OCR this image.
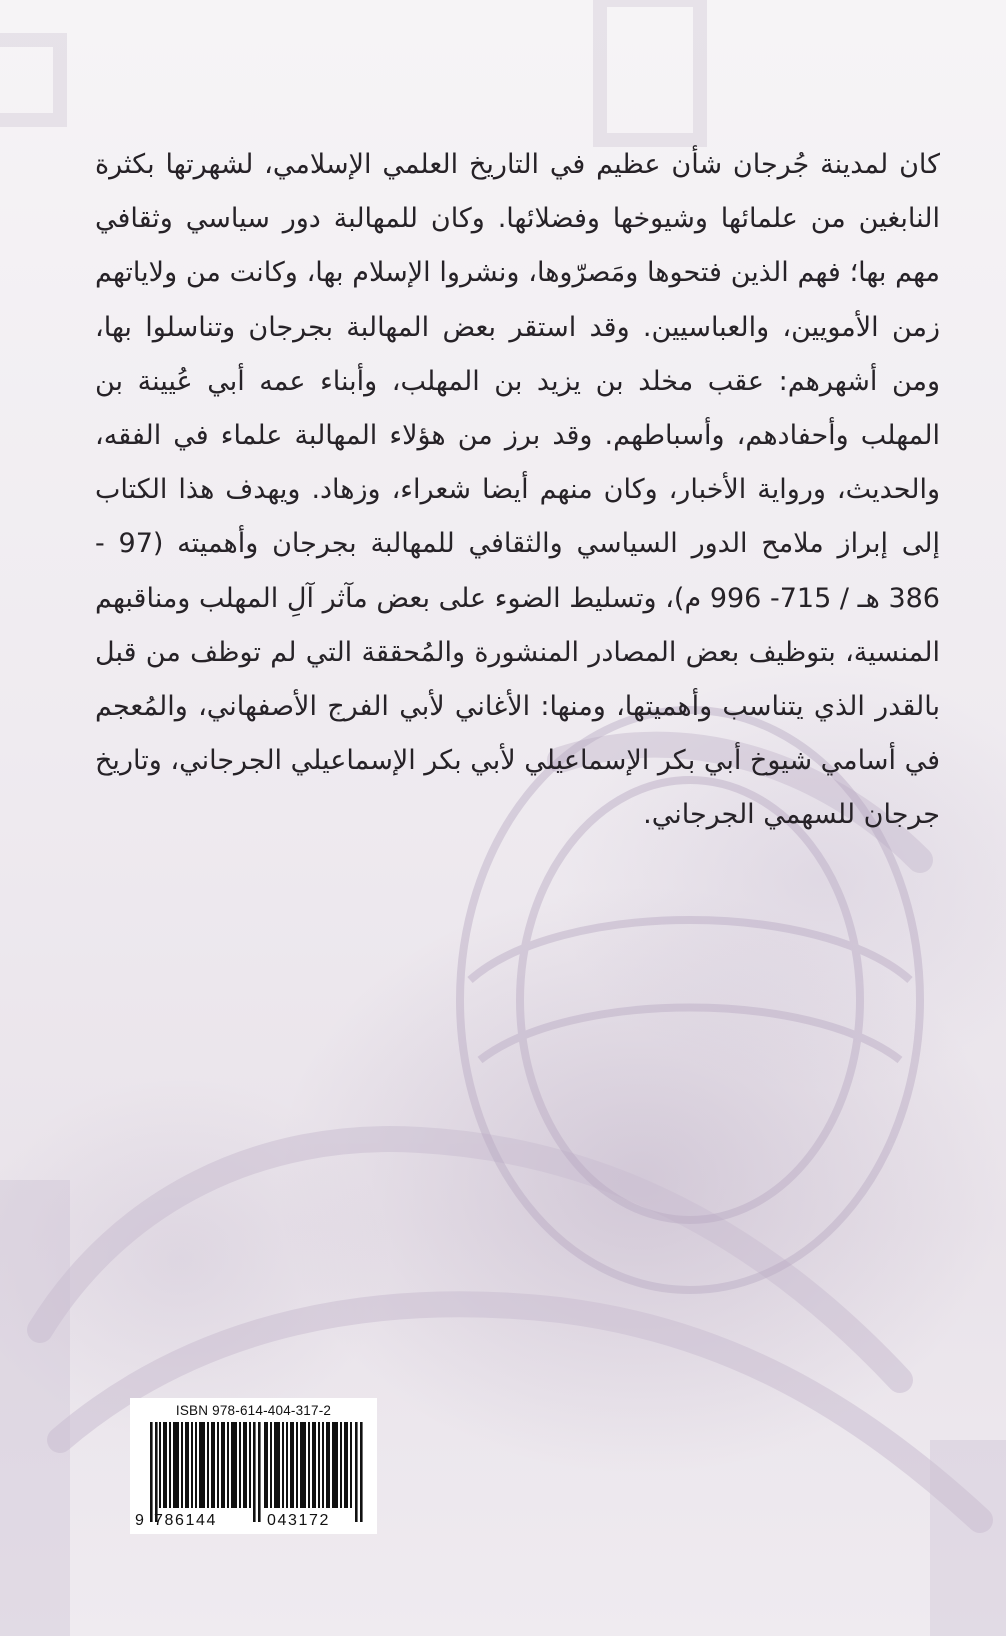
كان لمدينة جُرجان شأن عظيم في التاريخ العلمي الإسلامي، لشهرتها بكثرة النابغين من علمائها وشيوخها وفضلائها. وكان للمهالبة دور سياسي وثقافي مهم بها؛ فهم الذين فتحوها ومَصرّوها، ونشروا الإسلام بها، وكانت من ولاياتهم زمن الأمويين، والعباسيين. وقد استقر بعض المهالبة بجرجان وتناسلوا بها، ومن أشهرهم: عقب مخلد بن يزيد بن المهلب، وأبناء عمه أبي عُيينة بن المهلب وأحفادهم، وأسباطهم. وقد برز من هؤلاء المهالبة علماء في الفقه، والحديث، ورواية الأخبار، وكان منهم أيضا شعراء، وزهاد. ويهدف هذا الكتاب إلى إبراز ملامح الدور السياسي والثقافي للمهالبة بجرجان وأهميته (97 - 386 هـ / 715- 996 م)، وتسليط الضوء على بعض مآثر آلِ المهلب ومناقبهم المنسية، بتوظيف بعض المصادر المنشورة والمُحققة التي لم توظف من قبل بالقدر الذي يتناسب وأهميتها، ومنها: الأغاني لأبي الفرج الأصفهاني، والمُعجم في أسامي شيوخ أبي بكر الإسماعيلي لأبي بكر الإسماعيلي الجرجاني، وتاريخ جرجان للسهمي الجرجاني.

ISBN 978-614-404-317-2
9 786144	043172
